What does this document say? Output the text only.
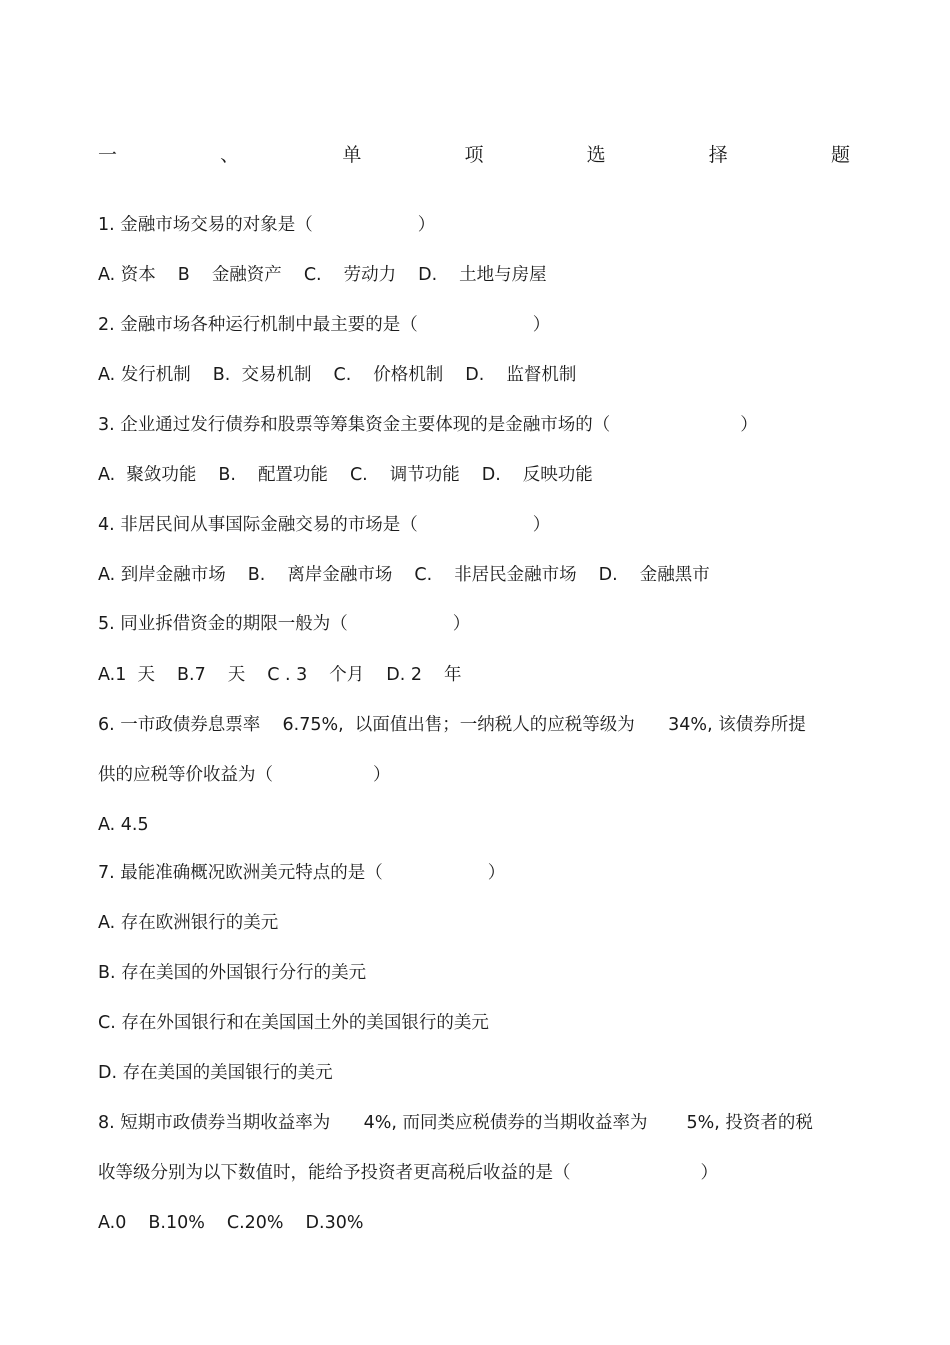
一	、	单	项	选	择	题
1. 金融市场交易的对象是（	）
A. 资本 B 金融资产 C. 劳动力 D. 土地与房屋
2. 金融市场各种运行机制中最主要的是（	）
A. 发行机制 B.  交易机制 C. 价格机制 D. 监督机制
3. 企业通过发行债券和股票等筹集资金主要体现的是金融市场的（	）
A.  聚敛功能 B. 配置功能 C. 调节功能 D. 反映功能
4. 非居民间从事国际金融交易的市场是（	）
A. 到岸金融市场 B. 离岸金融市场 C. 非居民金融市场 D. 金融黑市
5. 同业拆借资金的期限一般为（	）
A.1  天 B.7 天 C . 3 个月 D. 2 年
6. 一市政债券息票率    6.75%,  以面值出售；一纳税人的应税等级为      34%, 该债券所提
供的应税等价收益为（	）
A. 4.5
7. 最能准确概况欧洲美元特点的是（	）
A. 存在欧洲银行的美元
B. 存在美国的外国银行分行的美元
C. 存在外国银行和在美国国土外的美国银行的美元
D. 存在美国的美国银行的美元
8. 短期市政债券当期收益率为      4%, 而同类应税债券的当期收益率为       5%, 投资者的税
收等级分别为以下数值时，能给予投资者更高税后收益的是（	）
A.0 B.10% C.20% D.30%
